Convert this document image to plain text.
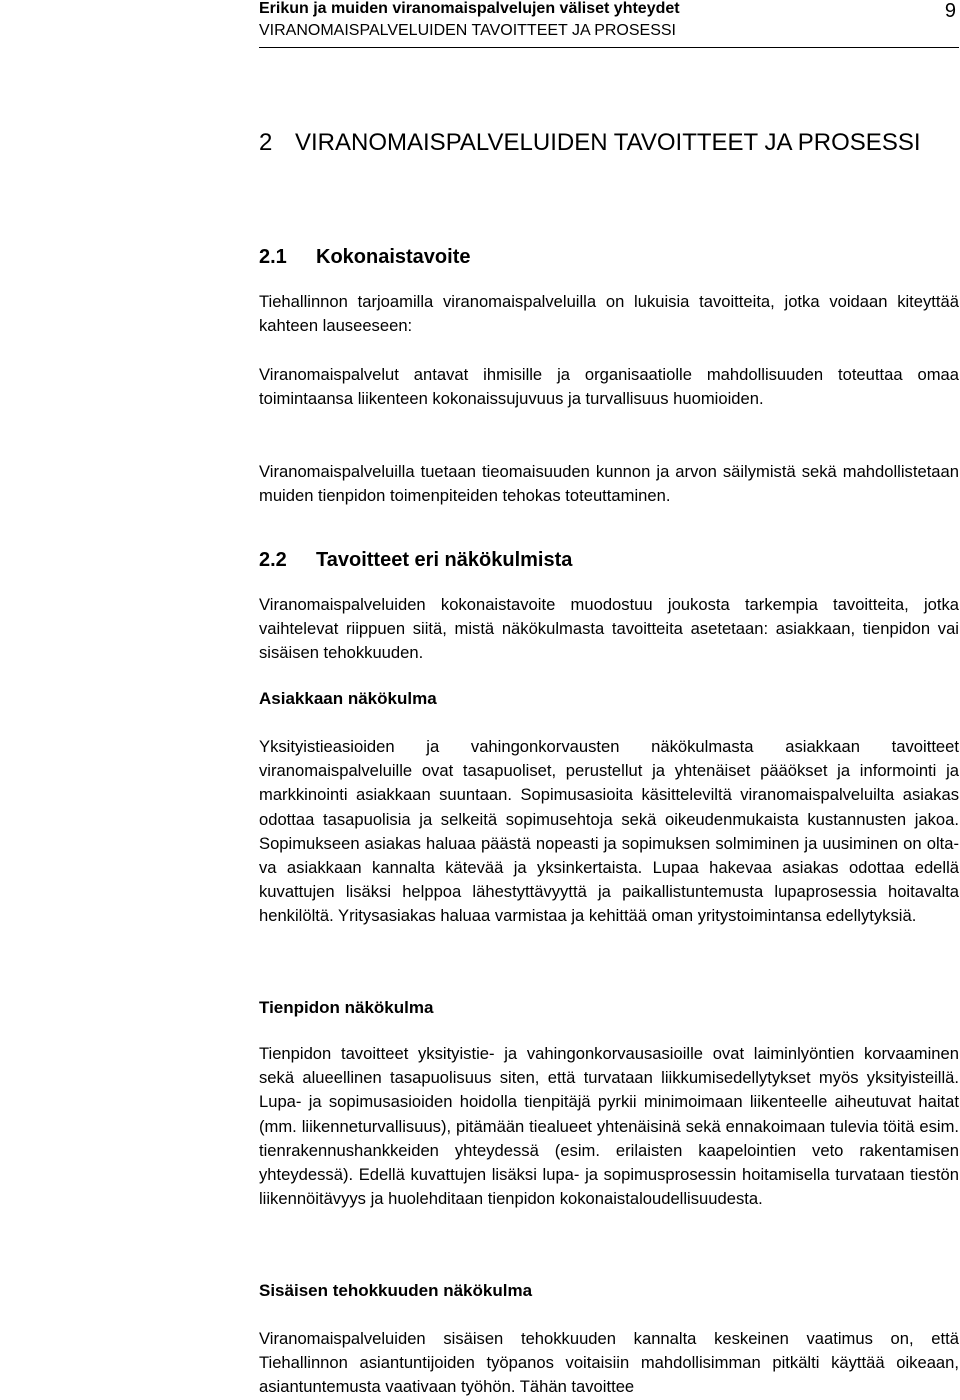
Erikun ja muiden viranomaispalvelujen väliset yhteydet
VIRANOMAISPALVELUIDEN TAVOITTEET JA PROSESSI
9
2 VIRANOMAISPALVELUIDEN TAVOITTEET JA PROSESSI
2.1	Kokonaistavoite

Tiehallinnon tarjoamilla viranomaispalveluilla on lukuisia tavoitteita, jotka voidaan kiteyttää kahteen lauseeseen:

Viranomaispalvelut antavat ihmisille ja organisaatiolle mahdollisuuden toteuttaa omaa toimintaansa liikenteen kokonaissujuvuus ja turvallisuus huomioiden.

Viranomaispalveluilla tuetaan tieomaisuuden kunnon ja arvon säilymistä sekä mahdollistetaan muiden tienpidon toimenpiteiden tehokas toteuttaminen.

2.2	Tavoitteet eri näkökulmista

Viranomaispalveluiden kokonaistavoite muodostuu joukosta tarkempia tavoitteita, jotka vaihtelevat riippuen siitä, mistä näkökulmasta tavoitteita asetetaan: asiakkaan, tienpidon vai sisäisen tehokkuuden.

Asiakkaan näkökulma

Yksityistieasioiden ja vahingonkorvausten näkökulmasta asiakkaan tavoitteet viranomaispalveluille ovat tasapuoliset, perustellut ja yhtenäiset pääökset ja informointi ja markkinointi asiakkaan suuntaan. Sopimusasioita käsitteleviltä viranomaispalveluilta asiakas odottaa tasapuolisia ja selkeitä sopimusehtoja sekä oikeudenmukaista kustannusten jakoa. Sopimukseen asiakas haluaa päästä nopeasti ja sopimuksen solmiminen ja uusiminen on oltava asiakkaan kannalta kätevää ja yksinkertaista. Lupaa hakevaa asiakas odottaa edellä kuvattujen lisäksi helppoa lähestyttävyyttä ja paikallistuntemusta lupaprosessia hoitavalta henkilöltä. Yritysasiakas haluaa varmistaa ja kehittää oman yritystoimintansa edellytyksiä.

Tienpidon näkökulma

Tienpidon tavoitteet yksityistie- ja vahingonkorvausasioille ovat laiminlyöntien korvaaminen sekä alueellinen tasapuolisuus siten, että turvataan liikkumisedellytykset myös yksityisteillä. Lupa- ja sopimusasioiden hoidolla tienpitäjä pyrkii minimoimaan liikenteelle aiheutuvat haitat (mm. liikenneturvallisuus), pitämään tiealueet yhtenäisinä sekä ennakoimaan tulevia töitä esim. tienrakennushankkeiden yhteydessä (esim. erilaisten kaapelointien veto rakentamisen yhteydessä). Edellä kuvattujen lisäksi lupa- ja sopimusprosessin hoitamisella turvataan tiestön liikennöitävyys ja huolehditaan tienpidon kokonaistaloudellisuudesta.

Sisäisen tehokkuuden näkökulma

Viranomaispalveluiden sisäisen tehokkuuden kannalta keskeinen vaatimus on, että Tiehallinnon asiantuntijoiden työpanos voitaisiin mahdollisimman pitkälti käyttää oikeaan, asiantuntemusta vaativaan työhön. Tähän tavoittee
